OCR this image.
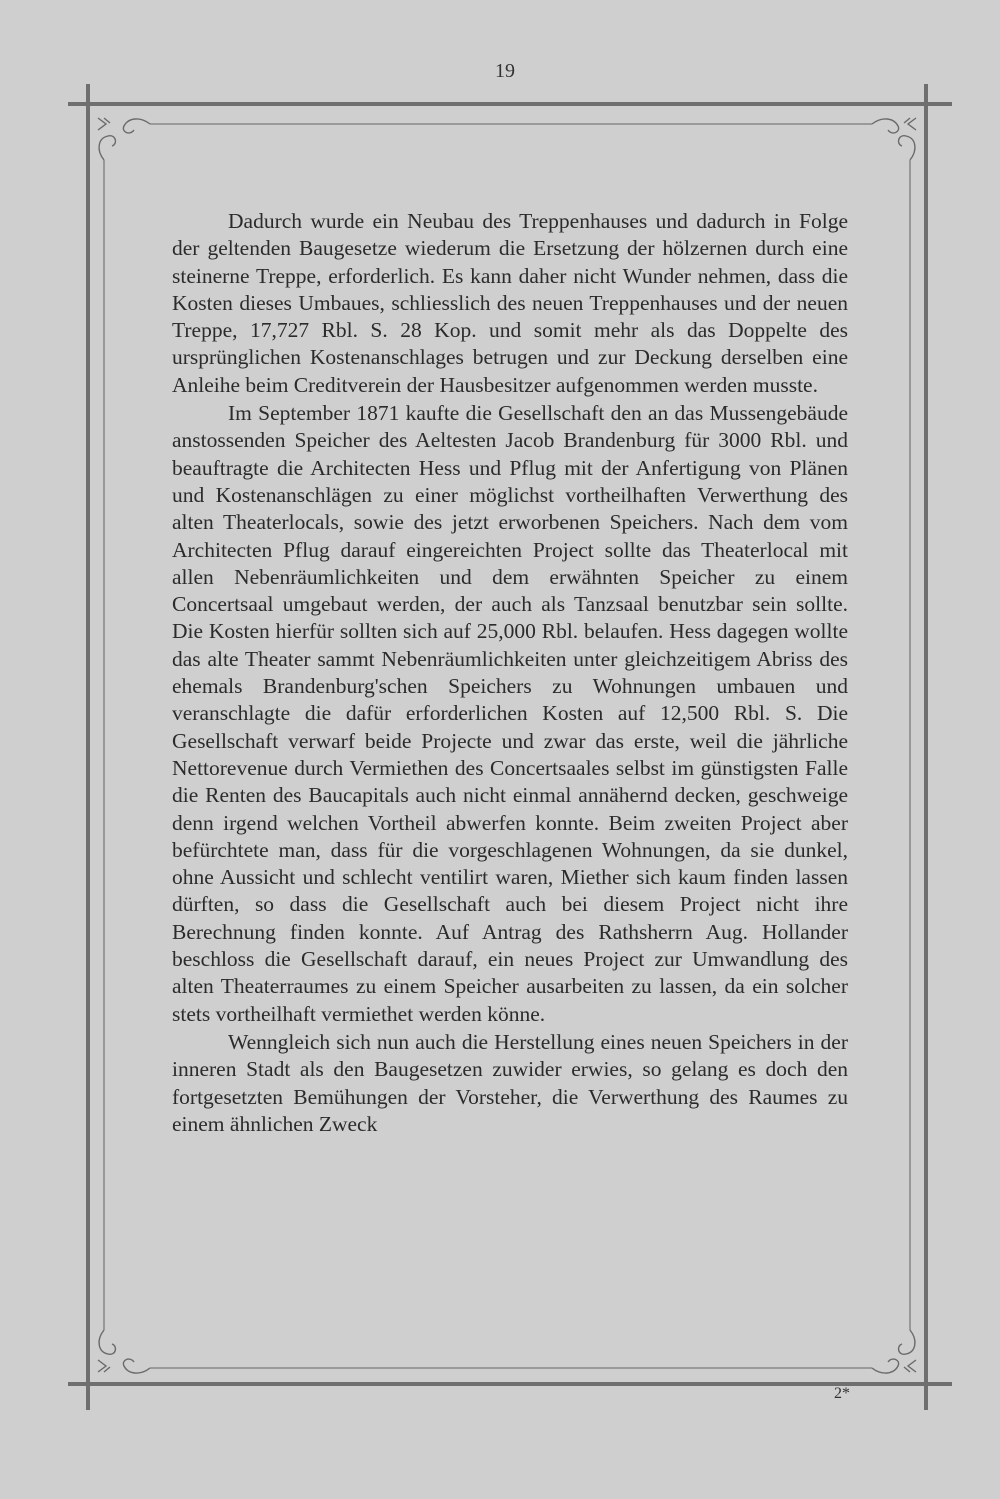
19

Dadurch wurde ein Neubau des Treppenhauses und dadurch in Folge der geltenden Baugesetze wiederum die Ersetzung der hölzernen durch eine steinerne Treppe, erforderlich. Es kann daher nicht Wunder nehmen, dass die Kosten dieses Umbaues, schliesslich des neuen Treppenhauses und der neuen Treppe, 17,727 Rbl. S. 28 Kop. und somit mehr als das Doppelte des ursprünglichen Kostenanschlages betrugen und zur Deckung derselben eine Anleihe beim Creditverein der Hausbesitzer aufgenommen werden musste.

Im September 1871 kaufte die Gesellschaft den an das Mussengebäude anstossenden Speicher des Aeltesten Jacob Brandenburg für 3000 Rbl. und beauftragte die Architecten Hess und Pflug mit der Anfertigung von Plänen und Kostenanschlägen zu einer möglichst vortheilhaften Verwerthung des alten Theaterlocals, sowie des jetzt erworbenen Speichers. Nach dem vom Architecten Pflug darauf eingereichten Project sollte das Theaterlocal mit allen Nebenräumlichkeiten und dem erwähnten Speicher zu einem Concertsaal umgebaut werden, der auch als Tanzsaal benutzbar sein sollte. Die Kosten hierfür sollten sich auf 25,000 Rbl. belaufen. Hess dagegen wollte das alte Theater sammt Nebenräumlichkeiten unter gleichzeitigem Abriss des ehemals Brandenburg'schen Speichers zu Wohnungen umbauen und veranschlagte die dafür erforderlichen Kosten auf 12,500 Rbl. S. Die Gesellschaft verwarf beide Projecte und zwar das erste, weil die jährliche Nettorevenue durch Vermiethen des Concertsaales selbst im günstigsten Falle die Renten des Baucapitals auch nicht einmal annähernd decken, geschweige denn irgend welchen Vortheil abwerfen konnte. Beim zweiten Project aber befürchtete man, dass für die vorgeschlagenen Wohnungen, da sie dunkel, ohne Aussicht und schlecht ventilirt waren, Miether sich kaum finden lassen dürften, so dass die Gesellschaft auch bei diesem Project nicht ihre Berechnung finden konnte. Auf Antrag des Rathsherrn Aug. Hollander beschloss die Gesellschaft darauf, ein neues Project zur Umwandlung des alten Theaterraumes zu einem Speicher ausarbeiten zu lassen, da ein solcher stets vortheilhaft vermiethet werden könne.

Wenngleich sich nun auch die Herstellung eines neuen Speichers in der inneren Stadt als den Baugesetzen zuwider erwies, so gelang es doch den fortgesetzten Bemühungen der Vorsteher, die Verwerthung des Raumes zu einem ähnlichen Zweck

2*
